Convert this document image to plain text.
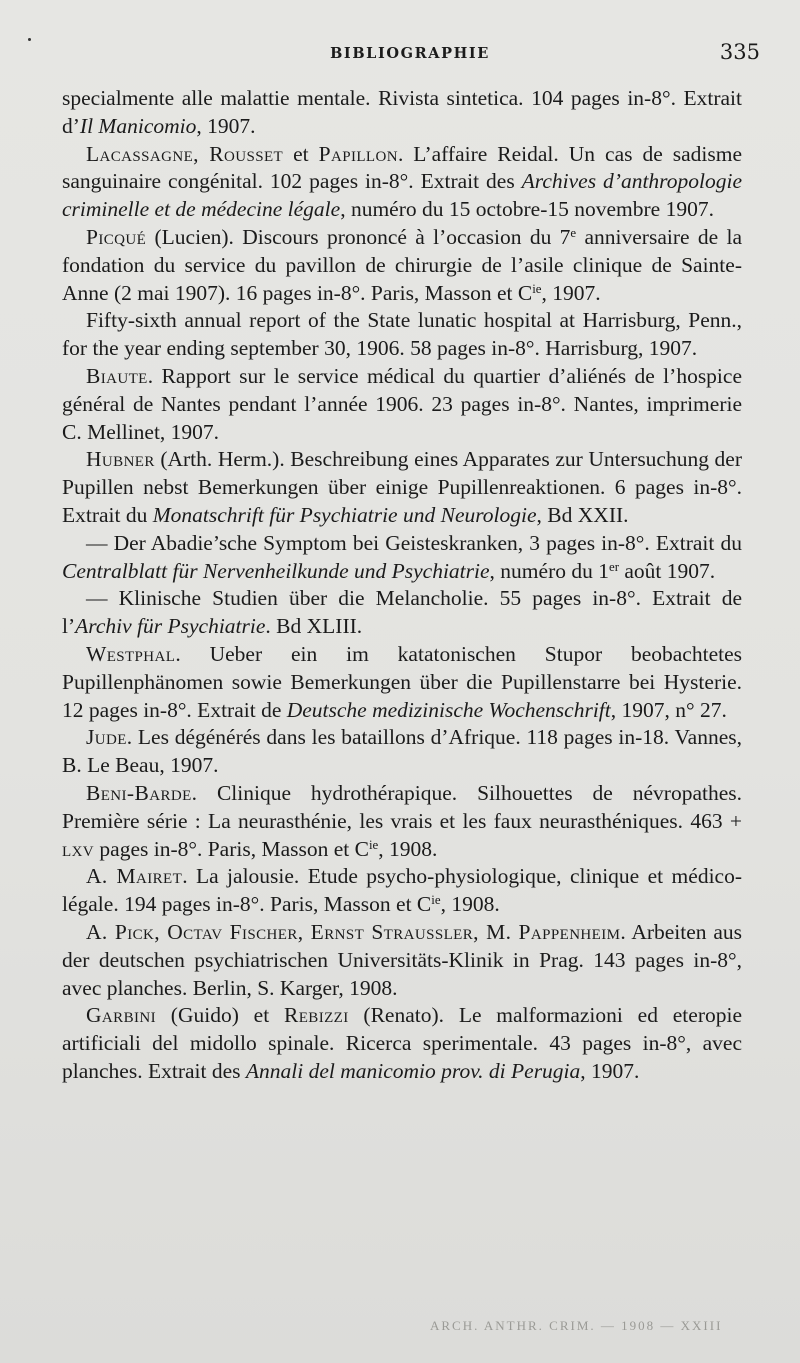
BIBLIOGRAPHIE	335

specialmente alle malattie mentale. Rivista sintetica. 104 pages in-8°. Extrait d’Il Manicomio, 1907.

Lacassagne, Rousset et Papillon. L’affaire Reidal. Un cas de sadisme sanguinaire congénital. 102 pages in-8°. Extrait des Archives d’anthropologie criminelle et de médecine légale, numéro du 15 octobre-15 novembre 1907.

Picqué (Lucien). Discours prononcé à l’occasion du 7e anniversaire de la fondation du service du pavillon de chirurgie de l’asile clinique de Sainte-Anne (2 mai 1907). 16 pages in-8°. Paris, Masson et $C^{ie}$, 1907.

Fifty-sixth annual report of the State lunatic hospital at Harrisburg, Penn., for the year ending september 30, 1906. 58 pages in-8°. Harrisburg, 1907.

Biaute. Rapport sur le service médical du quartier d’aliénés de l’hospice général de Nantes pendant l’année 1906. 23 pages in-8°. Nantes, imprimerie C. Mellinet, 1907.

Hubner (Arth. Herm.). Beschreibung eines Apparates zur Untersuchung der Pupillen nebst Bemerkungen über einige Pupillenreaktionen. 6 pages in-8°. Extrait du Monatschrift für Psychiatrie und Neurologie, Bd XXII.

— Der Abadie’sche Symptom bei Geisteskranken, 3 pages in-8°. Extrait du Centralblatt für Nervenheilkunde und Psychiatrie, numéro du 1er août 1907.

— Klinische Studien über die Melancholie. 55 pages in-8°. Extrait de l’Archiv für Psychiatrie. Bd XLIII.

Westphal. Ueber ein im katatonischen Stupor beobachtetes Pupillenphänomen sowie Bemerkungen über die Pupillenstarre bei Hysterie. 12 pages in-8°. Extrait de Deutsche medizinische Wochenschrift, 1907, n° 27.

Jude. Les dégénérés dans les bataillons d’Afrique. 118 pages in-18. Vannes, B. Le Beau, 1907.

Beni-Barde. Clinique hydrothérapique. Silhouettes de névropathes. Première série : La neurasthénie, les vrais et les faux neurasthéniques. 463 + lxv pages in-8°. Paris, Masson et $C^{ie}$, 1908.

A. Mairet. La jalousie. Etude psycho-physiologique, clinique et médico-légale. 194 pages in-8°. Paris, Masson et $C^{ie}$, 1908.

A. Pick, Octav Fischer, Ernst Straussler, M. Pappenheim. Arbeiten aus der deutschen psychiatrischen Universitäts-Klinik in Prag. 143 pages in-8°, avec planches. Berlin, S. Karger, 1908.

Garbini (Guido) et Rebizzi (Renato). Le malformazioni ed eteropie artificiali del midollo spinale. Ricerca sperimentale. 43 pages in-8°, avec planches. Extrait des Annali del manicomio prov. di Perugia, 1907.

ARCH. ANTHR. CRIM. — 1908 — XXIII
